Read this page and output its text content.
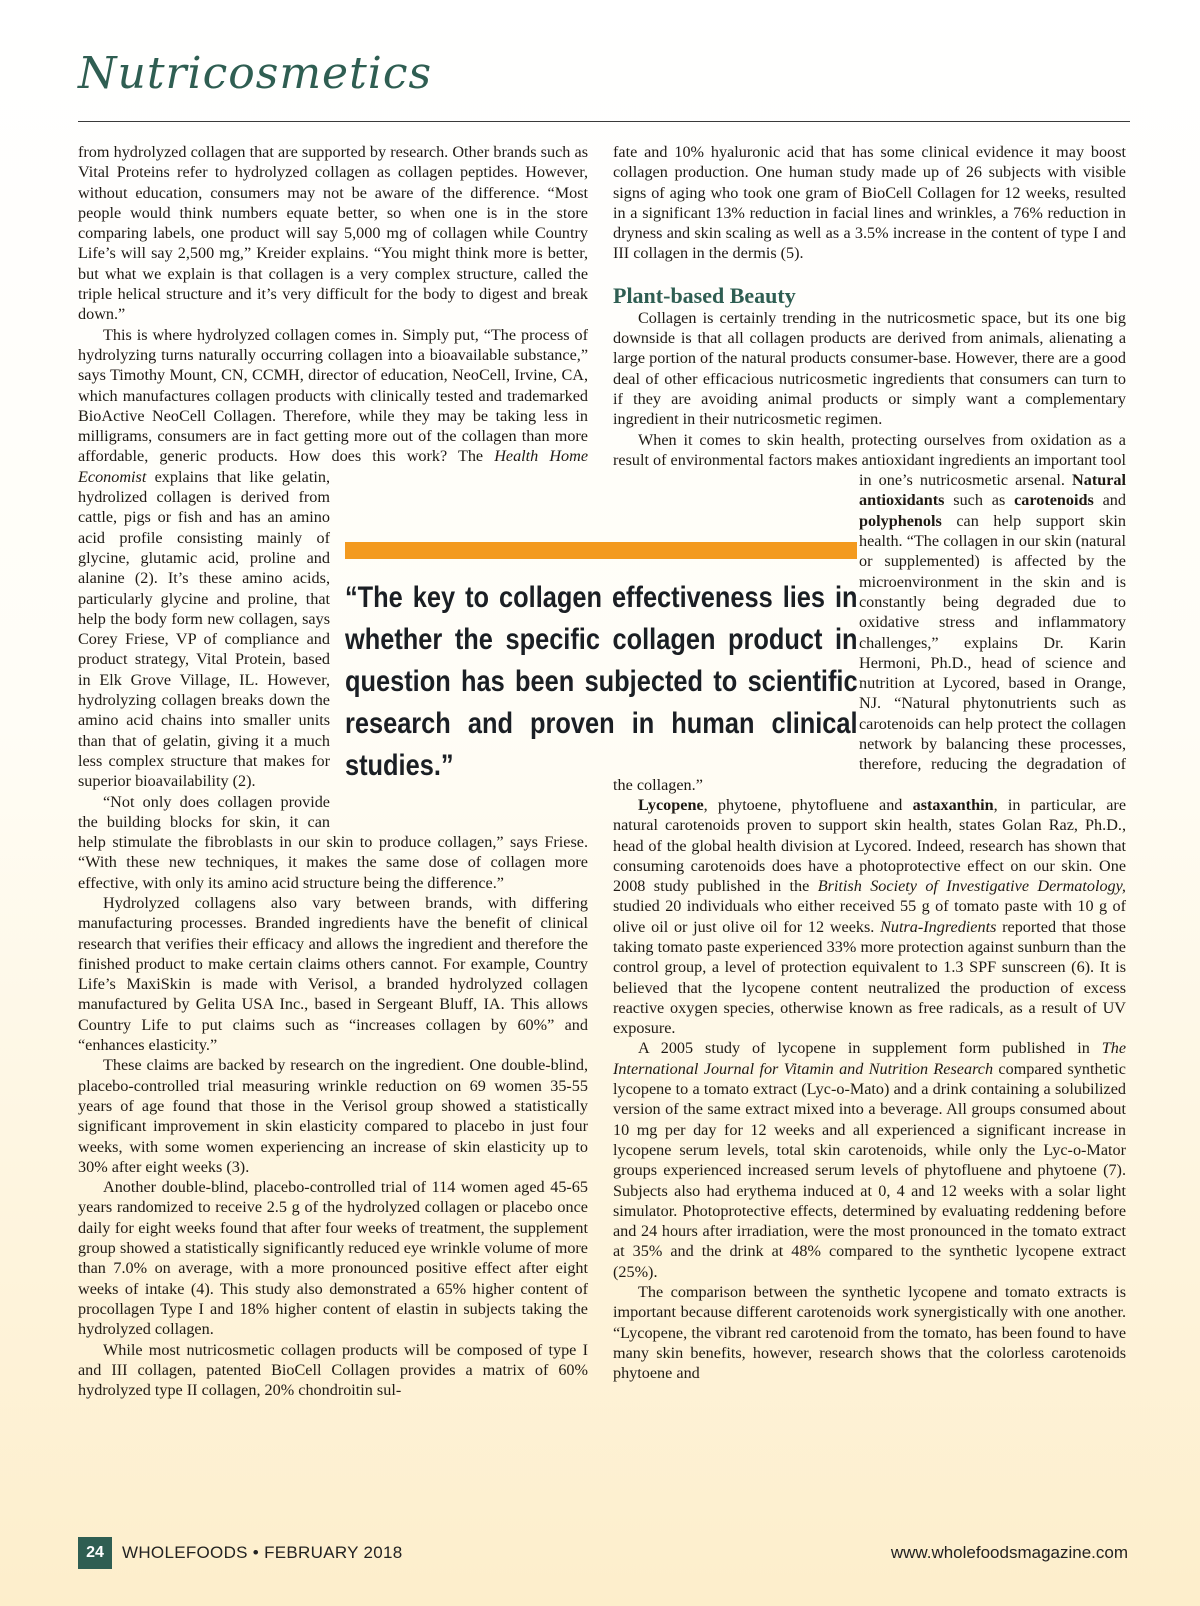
Nutricosmetics

from hydrolyzed collagen that are supported by research. Other brands such as Vital Proteins refer to hydrolyzed collagen as collagen peptides. However, without education, consumers may not be aware of the difference. “Most people would think numbers equate better, so when one is in the store comparing labels, one product will say 5,000 mg of collagen while Country Life’s will say 2,500 mg,” Kreider explains. “You might think more is better, but what we explain is that collagen is a very complex structure, called the triple helical structure and it’s very difficult for the body to digest and break down.”

This is where hydrolyzed collagen comes in. Simply put, “The process of hydrolyzing turns naturally occurring collagen into a bioavailable substance,” says Timothy Mount, CN, CCMH, director of education, NeoCell, Irvine, CA, which manufactures collagen products with clinically tested and trademarked BioActive NeoCell Collagen. Therefore, while they may be taking less in milligrams, consumers are in fact getting more out of the collagen than more affordable, generic products. How does this work? The
Health Home Economist explains that like gelatin, hydrolized collagen is derived from cattle, pigs or fish and has an amino acid profile consisting mainly of glycine, glutamic acid, proline and alanine (2). It’s these amino acids, particularly glycine and proline, that help the body form new collagen, says Corey Friese, VP of compliance and product strategy, Vital Protein, based in Elk Grove Village, IL. However, hydrolyzing collagen breaks down the amino acid chains into smaller units than that of gelatin, giving it a much less complex structure that makes for superior bioavailability (2).

“Not only does collagen provide the building blocks for skin, it can help stimulate the fibroblasts in our skin to produce collagen,” says Friese. “With these new techniques, it makes the same dose of collagen more effective, with only its amino acid structure being the difference.”

Hydrolyzed collagens also vary between brands, with differing manufacturing processes. Branded ingredients have the benefit of clinical research that verifies their efficacy and allows the ingredient and therefore the finished product to make certain claims others cannot. For example, Country Life’s MaxiSkin is made with Verisol, a branded hydrolyzed collagen manufactured by Gelita USA Inc., based in Sergeant Bluff, IA. This allows Country Life to put claims such as “increases collagen by 60%” and “enhances elasticity.”

These claims are backed by research on the ingredient. One double-blind, placebo-controlled trial measuring wrinkle reduction on 69 women 35-55 years of age found that those in the Verisol group showed a statistically significant improvement in skin elasticity compared to placebo in just four weeks, with some women experiencing an increase of skin elasticity up to 30% after eight weeks (3).

Another double-blind, placebo-controlled trial of 114 women aged 45-65 years randomized to receive 2.5 g of the hydrolyzed collagen or placebo once daily for eight weeks found that after four weeks of treatment, the supplement group showed a statistically significantly reduced eye wrinkle volume of more than 7.0% on average, with a more pronounced positive effect after eight weeks of intake (4). This study also demonstrated a 65% higher content of procollagen Type I and 18% higher content of elastin in subjects taking the hydrolyzed collagen.

While most nutricosmetic collagen products will be composed of type I and III collagen, patented BioCell Collagen provides a matrix of 60% hydrolyzed type II collagen, 20% chondroitin sul-

fate and 10% hyaluronic acid that has some clinical evidence it may boost collagen production. One human study made up of 26 subjects with visible signs of aging who took one gram of BioCell Collagen for 12 weeks, resulted in a significant 13% reduction in facial lines and wrinkles, a 76% reduction in dryness and skin scaling as well as a 3.5% increase in the content of type I and III collagen in the dermis (5).

Plant-based Beauty

Collagen is certainly trending in the nutricosmetic space, but its one big downside is that all collagen products are derived from animals, alienating a large portion of the natural products consumer-base. However, there are a good deal of other efficacious nutricosmetic ingredients that consumers can turn to if they are avoiding animal products or simply want a complementary ingredient in their nutricosmetic regimen.

When it comes to skin health, protecting ourselves from oxidation as a result of environmental factors makes antioxidant ingredients an important tool in one’s nutricosmetic arsenal.
Natural antioxidants such as carotenoids and polyphenols can help support skin health. “The collagen in our skin (natural or supplemented) is affected by the microenvironment in the skin and is constantly being degraded due to oxidative stress and inflammatory challenges,” explains Dr. Karin Hermoni, Ph.D., head of science and nutrition at Lycored, based in Orange, NJ. “Natural phytonutrients such as carotenoids can help protect the collagen network by balancing these processes, therefore, reducing the degradation of the collagen.”

Lycopene, phytoene, phytofluene and astaxanthin, in particular, are natural carotenoids proven to support skin health, states Golan Raz, Ph.D., head of the global health division at Lycored. Indeed, research has shown that consuming carotenoids does have a photoprotective effect on our skin. One 2008 study published in the British Society of Investigative Dermatology, studied 20 individuals who either received 55 g of tomato paste with 10 g of olive oil or just olive oil for 12 weeks. Nutra-Ingredients reported that those taking tomato paste experienced 33% more protection against sunburn than the control group, a level of protection equivalent to 1.3 SPF sunscreen (6). It is believed that the lycopene content neutralized the production of excess reactive oxygen species, otherwise known as free radicals, as a result of UV exposure.

A 2005 study of lycopene in supplement form published in The International Journal for Vitamin and Nutrition Research compared synthetic lycopene to a tomato extract (Lyc-o-Mato) and a drink containing a solubilized version of the same extract mixed into a beverage. All groups consumed about 10 mg per day for 12 weeks and all experienced a significant increase in lycopene serum levels, total skin carotenoids, while only the Lyc-o-Mator groups experienced increased serum levels of phytofluene and phytoene (7). Subjects also had erythema induced at 0, 4 and 12 weeks with a solar light simulator. Photoprotective effects, determined by evaluating reddening before and 24 hours after irradiation, were the most pronounced in the tomato extract at 35% and the drink at 48% compared to the synthetic lycopene extract (25%).

The comparison between the synthetic lycopene and tomato extracts is important because different carotenoids work synergistically with one another. “Lycopene, the vibrant red carotenoid from the tomato, has been found to have many skin benefits, however, research shows that the colorless carotenoids phytoene and

“The key to collagen effectiveness lies in whether the specific collagen product in question has been subjected to scientific research and proven in human clinical studies.”
24	WHOLEFOODS • FEBRUARY 2018	www.wholefoodsmagazine.com
